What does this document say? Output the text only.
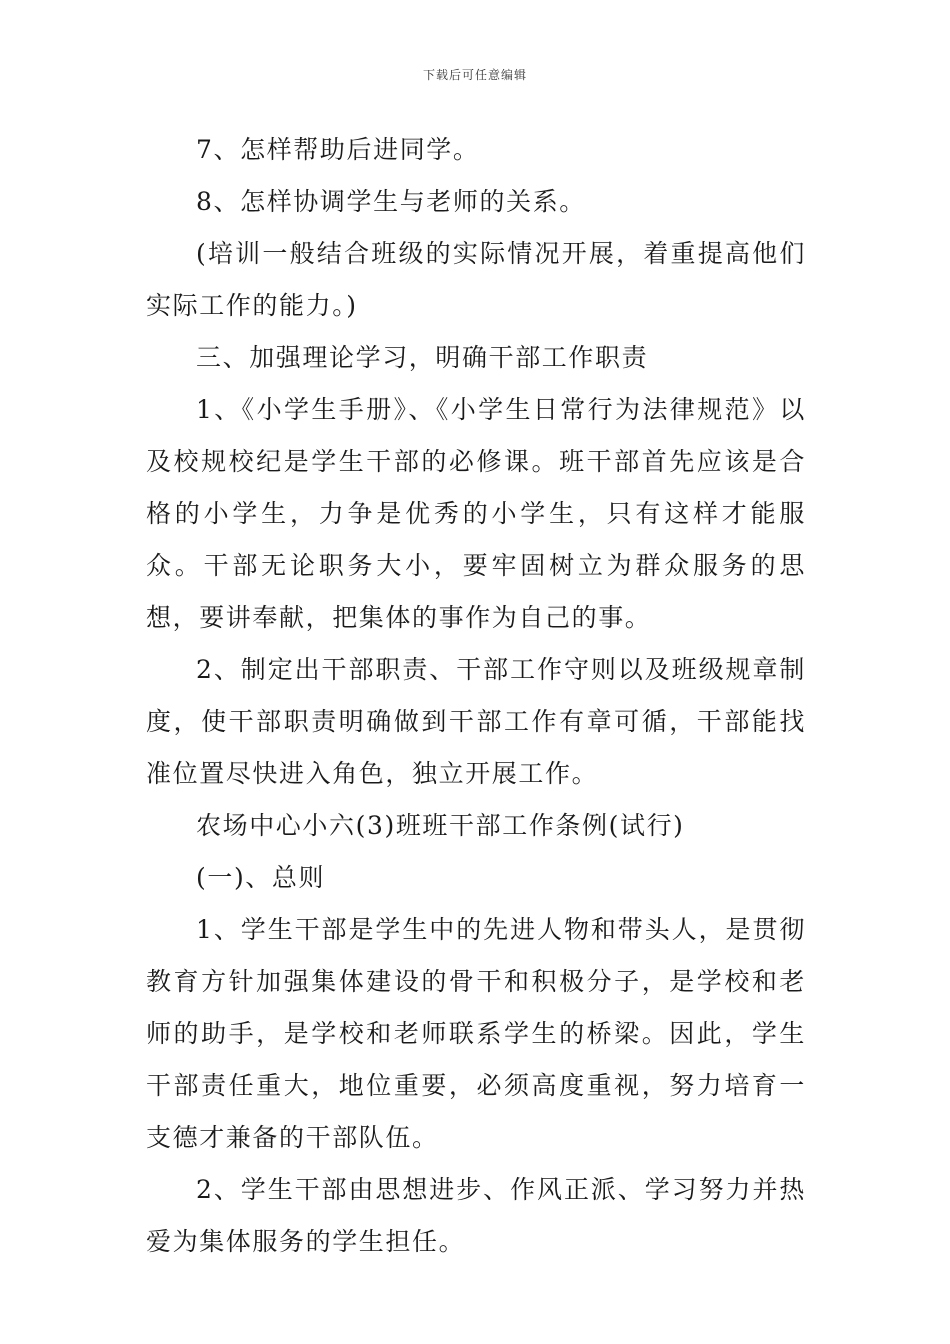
下载后可任意编辑

7、怎样帮助后进同学。

8、怎样协调学生与老师的关系。

(培训一般结合班级的实际情况开展，着重提高他们实际工作的能力。)

三、加强理论学习，明确干部工作职责

1、《小学生手册》、《小学生日常行为法律规范》以及校规校纪是学生干部的必修课。班干部首先应该是合格的小学生，力争是优秀的小学生，只有这样才能服众。干部无论职务大小，要牢固树立为群众服务的思想，要讲奉献，把集体的事作为自己的事。

2、制定出干部职责、干部工作守则以及班级规章制度，使干部职责明确做到干部工作有章可循，干部能找准位置尽快进入角色，独立开展工作。

农场中心小六(3)班班干部工作条例(试行)

(一)、总则

1、学生干部是学生中的先进人物和带头人，是贯彻教育方针加强集体建设的骨干和积极分子，是学校和老师的助手，是学校和老师联系学生的桥梁。因此，学生干部责任重大，地位重要，必须高度重视，努力培育一支德才兼备的干部队伍。

2、学生干部由思想进步、作风正派、学习努力并热爱为集体服务的学生担任。
